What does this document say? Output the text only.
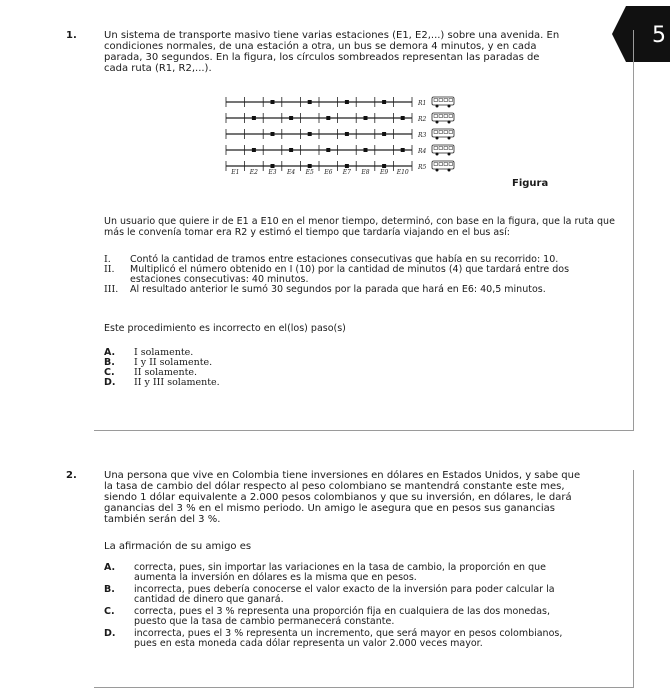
5
1.	Un sistema de transporte masivo tiene varias estaciones (E1, E2,...) sobre una avenida. En
condiciones normales, de una estación a otra, un bus se demora 4 minutos, y en cada
parada, 30 segundos. En la figura, los círculos sombreados representan las paradas de
cada ruta (R1, R2,...).
R1
R2
R3
R4
R5
E1 E2 E3 E4 E5 E6 E7 E8 E9 E10
Figura
Un usuario que quiere ir de E1 a E10 en el menor tiempo, determinó, con base en la figura, que la ruta que
más le convenía tomar era R2 y estimó el tiempo que tardaría viajando en el bus así:
I. Contó la cantidad de tramos entre estaciones consecutivas que había en su recorrido: 10.
II. Multiplicó el número obtenido en I (10) por la cantidad de minutos (4) que tardará entre dos
estaciones consecutivas: 40 minutos.
III. Al resultado anterior le sumó 30 segundos por la parada que hará en E6: 40,5 minutos.
Este procedimiento es incorrecto en el(los) paso(s)
A. I solamente.
B. I y II solamente.
C. II solamente.
D. II y III solamente.
2.	Una persona que vive en Colombia tiene inversiones en dólares en Estados Unidos, y sabe que
la tasa de cambio del dólar respecto al peso colombiano se mantendrá constante este mes,
siendo 1 dólar equivalente a 2.000 pesos colombianos y que su inversión, en dólares, le dará
ganancias del 3 % en el mismo periodo. Un amigo le asegura que en pesos sus ganancias
también serán del 3 %.
La afirmación de su amigo es
A. correcta, pues, sin importar las variaciones en la tasa de cambio, la proporción en que
aumenta la inversión en dólares es la misma que en pesos.
B. incorrecta, pues debería conocerse el valor exacto de la inversión para poder calcular la
cantidad de dinero que ganará.
C. correcta, pues el 3 % representa una proporción fija en cualquiera de las dos monedas,
puesto que la tasa de cambio permanecerá constante.
D. incorrecta, pues el 3 % representa un incremento, que será mayor en pesos colombianos,
pues en esta moneda cada dólar representa un valor 2.000 veces mayor.
